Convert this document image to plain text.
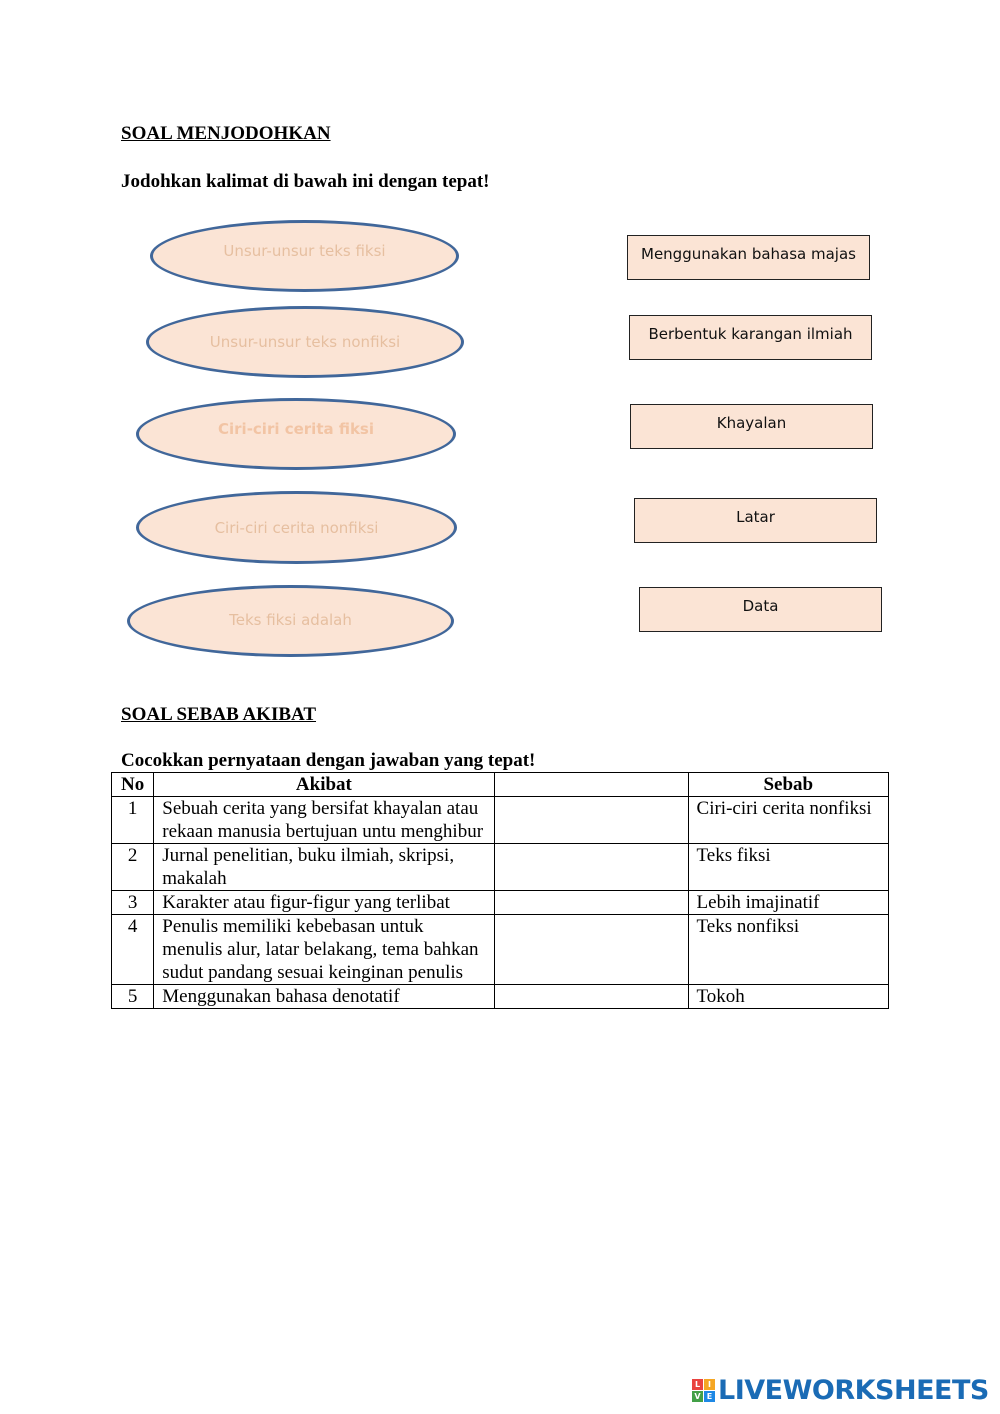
SOAL MENJODOHKAN

Jodohkan kalimat di bawah ini dengan tepat!

Unsur-unsur teks fiksi
Unsur-unsur teks nonfiksi
Ciri-ciri cerita fiksi
Ciri-ciri cerita nonfiksi
Teks fiksi adalah
Menggunakan bahasa majas
Berbentuk karangan ilmiah
Khayalan
Latar
Data
SOAL SEBAB AKIBAT

Cocokkan pernyataan dengan jawaban yang tepat!

No	Akibat		Sebab
1	Sebuah cerita yang bersifat khayalan atau rekaan manusia bertujuan untu menghibur		Ciri-ciri cerita nonfiksi
2	Jurnal penelitian, buku ilmiah, skripsi, makalah		Teks fiksi
3	Karakter atau figur-figur yang terlibat		Lebih imajinatif
4	Penulis memiliki kebebasan untuk menulis alur, latar belakang, tema bahkan sudut pandang sesuai keinginan penulis		Teks nonfiksi
5	Menggunakan bahasa denotatif		Tokoh
L I
V E LIVEWORKSHEETS
